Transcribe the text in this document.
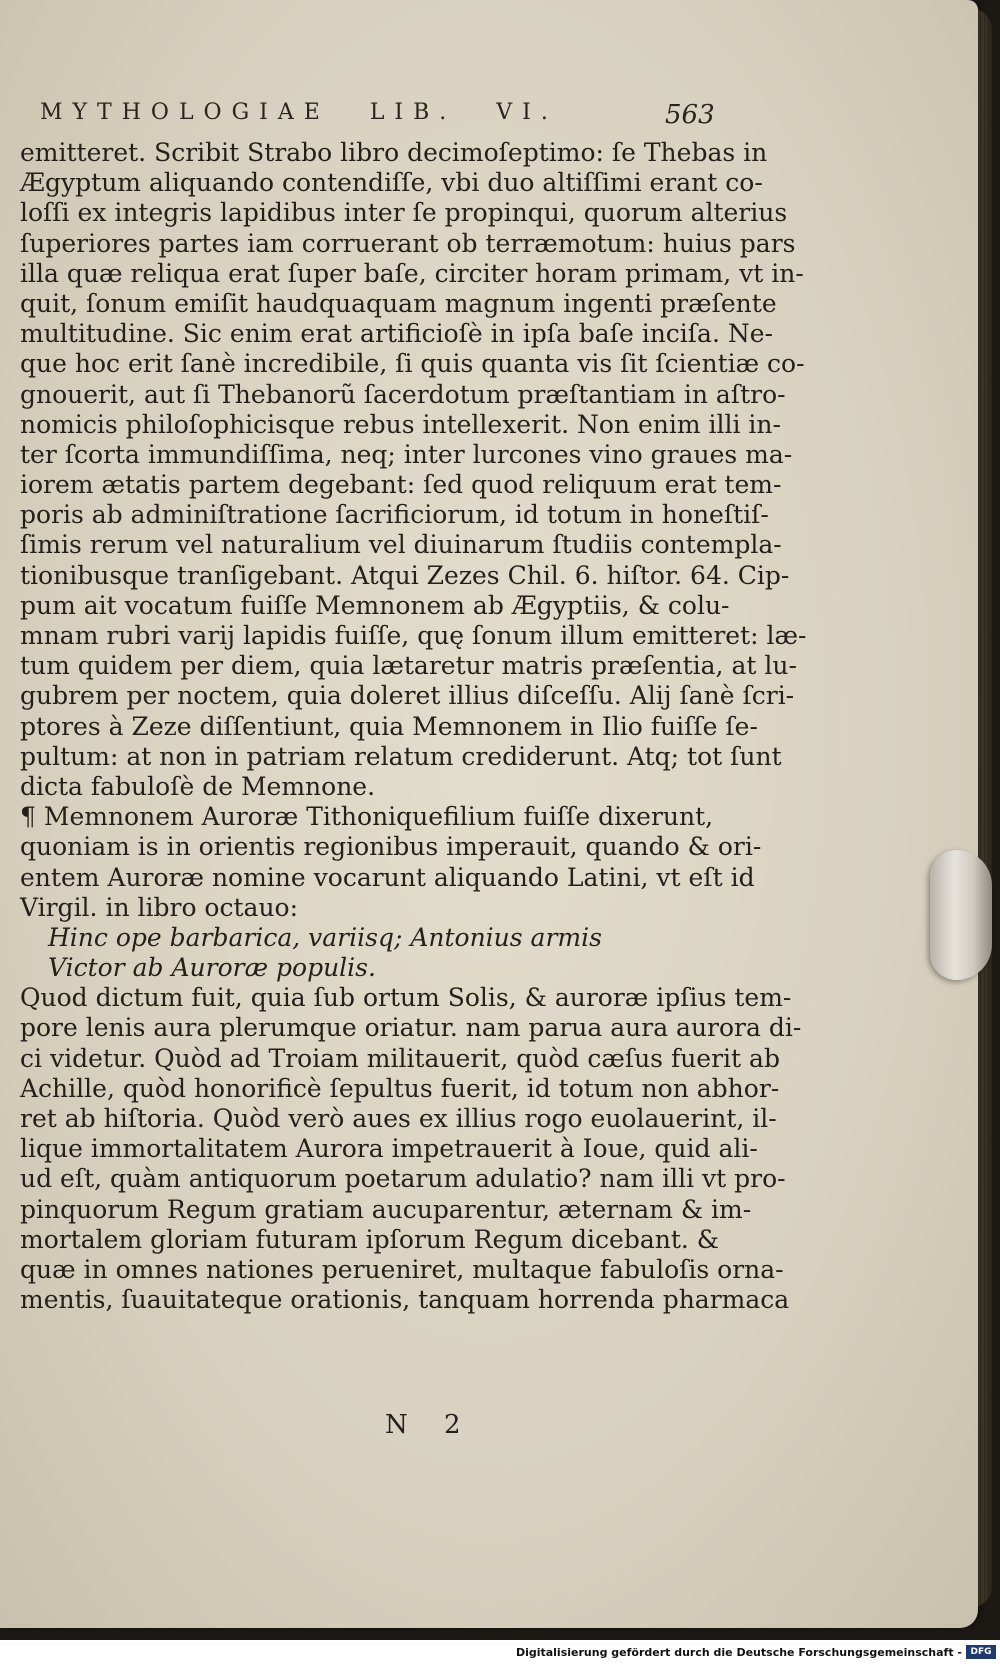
MYTHOLOGIAE LIB. VI.	563
emitteret. Scribit Strabo libro decimoſeptimo: ſe Thebas in
Ægyptum aliquando contendiſſe, vbi duo altiſſimi erant co-
loſſi ex integris lapidibus inter ſe propinqui, quorum alterius
ſuperiores partes iam corruerant ob terræmotum: huius pars
illa quæ reliqua erat ſuper baſe, circiter horam primam, vt in-
quit, ſonum emiſit haudquaquam magnum ingenti præſente
multitudine. Sic enim erat artificioſè in ipſa baſe inciſa. Ne-
que hoc erit ſanè incredibile, ſi quis quanta vis ſit ſcientiæ co-
gnouerit, aut ſi Thebanorũ ſacerdotum præſtantiam in aſtro-
nomicis philoſophicisque rebus intellexerit. Non enim illi in-
ter ſcorta immundiſſima, neq; inter lurcones vino graues ma-
iorem ætatis partem degebant: ſed quod reliquum erat tem-
poris ab adminiſtratione ſacrificiorum, id totum in honeſtiſ-
ſimis rerum vel naturalium vel diuinarum ſtudiis contempla-
tionibusque tranſigebant. Atqui Zezes Chil. 6. hiſtor. 64. Cip-
pum ait vocatum fuiſſe Memnonem ab Ægyptiis, & colu-
mnam rubri varij lapidis fuiſſe, quę ſonum illum emitteret: læ-
tum quidem per diem, quia lætaretur matris præſentia, at lu-
gubrem per noctem, quia doleret illius diſceſſu. Alij ſanè ſcri-
ptores à Zeze diſſentiunt, quia Memnonem in Ilio fuiſſe ſe-
pultum: at non in patriam relatum crediderunt. Atq; tot ſunt
dicta fabuloſè de Memnone.
¶ Memnonem Auroræ Tithoniquefilium fuiſſe dixerunt,
quoniam is in orientis regionibus imperauit, quando & ori-
entem Auroræ nomine vocarunt aliquando Latini, vt eſt id
Virgil. in libro octauo:
Hinc ope barbarica, variisq; Antonius armis
Victor ab Auroræ populis.
Quod dictum fuit, quia ſub ortum Solis, & auroræ ipſius tem-
pore lenis aura plerumque oriatur. nam parua aura aurora di-
ci videtur. Quòd ad Troiam militauerit, quòd cæſus fuerit ab
Achille, quòd honorificè ſepultus fuerit, id totum non abhor-
ret ab hiſtoria. Quòd verò aues ex illius rogo euolauerint, il-
lique immortalitatem Aurora impetrauerit à Ioue, quid ali-
ud eſt, quàm antiquorum poetarum adulatio? nam illi vt pro-
pinquorum Regum gratiam aucuparentur, æternam & im-
mortalem gloriam futuram ipſorum Regum dicebant. &
quæ in omnes nationes perueniret, multaque fabuloſis orna-
mentis, ſuauitateque orationis, tanquam horrenda pharmaca
N 2
Digitalisierung gefördert durch die Deutsche Forschungsgemeinschaft - DFG
